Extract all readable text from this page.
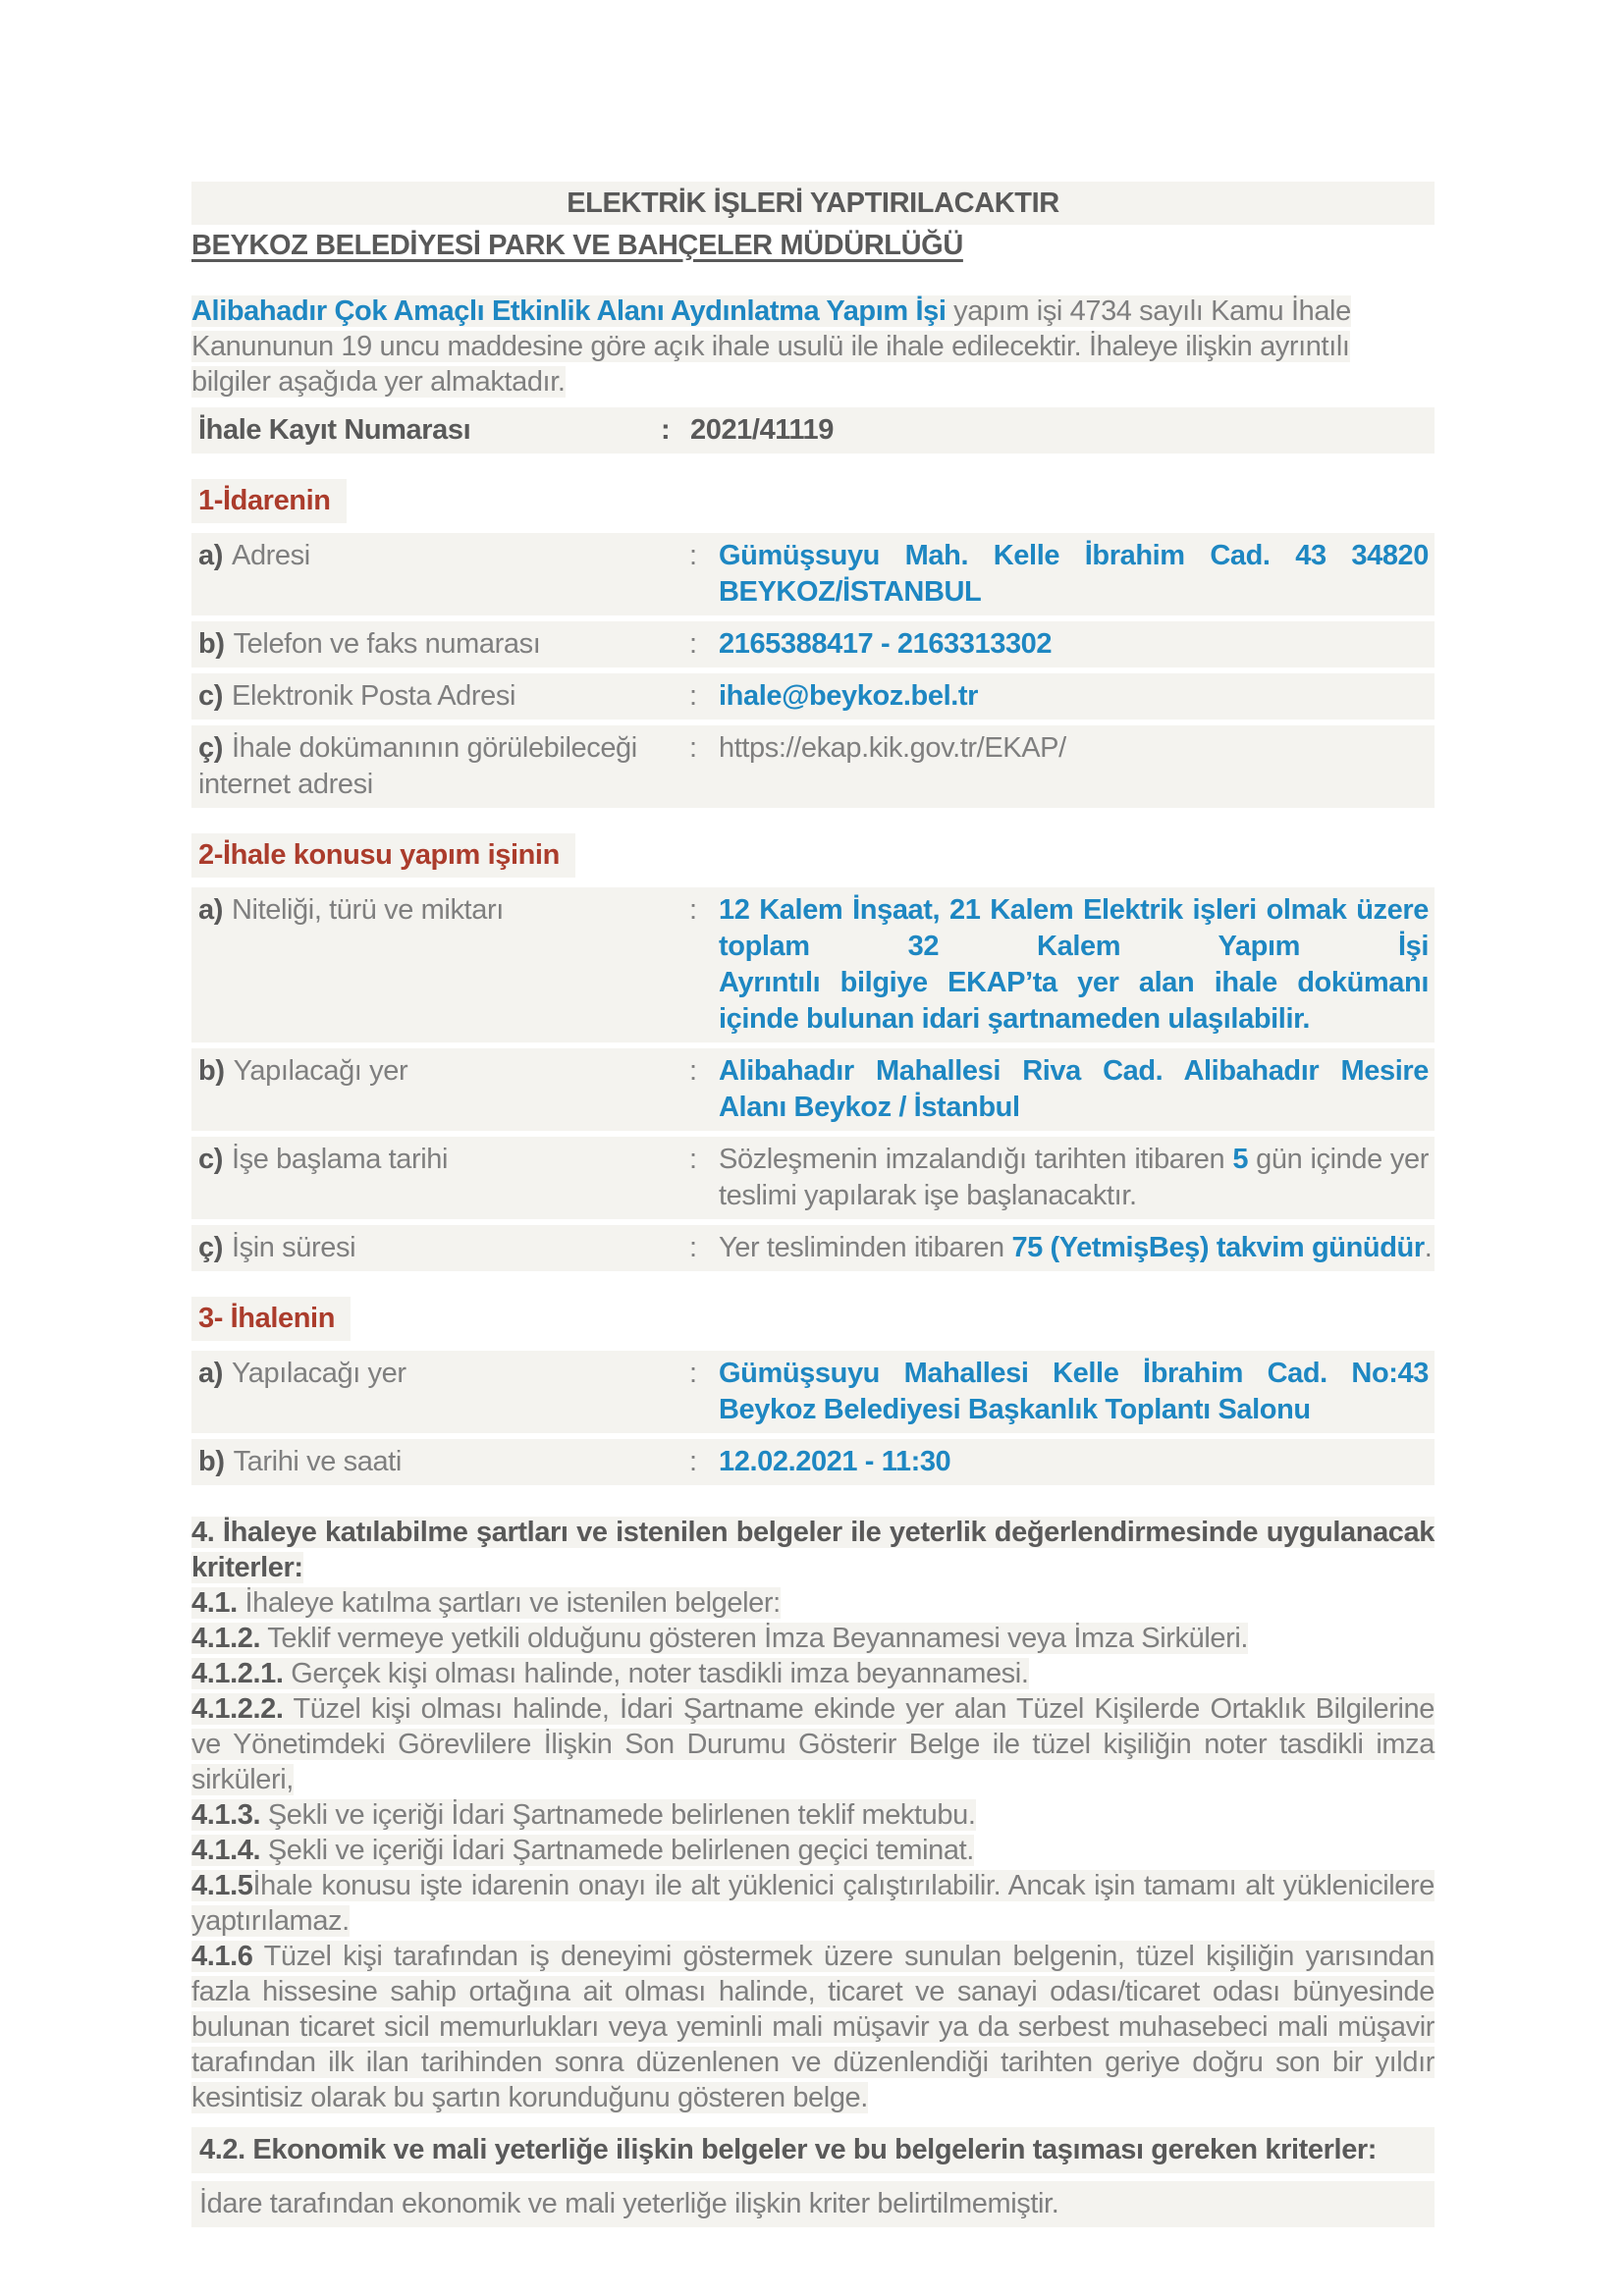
ELEKTRİK İŞLERİ YAPTIRILACAKTIR
BEYKOZ BELEDİYESİ PARK VE BAHÇELER MÜDÜRLÜĞÜ
Alibahadır Çok Amaçlı Etkinlik Alanı Aydınlatma Yapım İşi yapım işi 4734 sayılı Kamu İhale Kanununun 19 uncu maddesine göre açık ihale usulü ile ihale edilecektir. İhaleye ilişkin ayrıntılı bilgiler aşağıda yer almaktadır.
İhale Kayıt Numarası	: 2021/41119
1-İdarenin
a) Adresi	: Gümüşsuyu Mah. Kelle İbrahim Cad. 43 34820 BEYKOZ/İSTANBUL
b) Telefon ve faks numarası	: 2165388417 - 2163313302
c) Elektronik Posta Adresi	: ihale@beykoz.bel.tr
ç) İhale dokümanının görülebileceği internet adresi
: https://ekap.kik.gov.tr/EKAP/
2-İhale konusu yapım işinin
a) Niteliği, türü ve miktarı	: 12 Kalem İnşaat, 21 Kalem Elektrik işleri olmak üzere toplam 32 Kalem Yapım İşi
Ayrıntılı bilgiye EKAP’ta yer alan ihale dokümanı içinde bulunan idari şartnameden ulaşılabilir.
b) Yapılacağı yer	: Alibahadır Mahallesi Riva Cad. Alibahadır Mesire Alanı Beykoz / İstanbul
c) İşe başlama tarihi	: Sözleşmenin imzalandığı tarihten itibaren 5 gün içinde yer teslimi yapılarak işe başlanacaktır.
ç) İşin süresi	: Yer tesliminden itibaren 75 (YetmişBeş) takvim günüdür.
3- İhalenin
a) Yapılacağı yer	: Gümüşsuyu Mahallesi Kelle İbrahim Cad. No:43 Beykoz Belediyesi Başkanlık Toplantı Salonu
b) Tarihi ve saati	: 12.02.2021 - 11:30

4. İhaleye katılabilme şartları ve istenilen belgeler ile yeterlik değerlendirmesinde uygulanacak kriterler:

4.1. İhaleye katılma şartları ve istenilen belgeler:

4.1.2. Teklif vermeye yetkili olduğunu gösteren İmza Beyannamesi veya İmza Sirküleri.

4.1.2.1. Gerçek kişi olması halinde, noter tasdikli imza beyannamesi.

4.1.2.2. Tüzel kişi olması halinde, İdari Şartname ekinde yer alan Tüzel Kişilerde Ortaklık Bilgilerine ve Yönetimdeki Görevlilere İlişkin Son Durumu Gösterir Belge ile tüzel kişiliğin noter tasdikli imza sirküleri,

4.1.3. Şekli ve içeriği İdari Şartnamede belirlenen teklif mektubu.

4.1.4. Şekli ve içeriği İdari Şartnamede belirlenen geçici teminat.

4.1.5İhale konusu işte idarenin onayı ile alt yüklenici çalıştırılabilir. Ancak işin tamamı alt yüklenicilere yaptırılamaz.

4.1.6 Tüzel kişi tarafından iş deneyimi göstermek üzere sunulan belgenin, tüzel kişiliğin yarısından fazla hissesine sahip ortağına ait olması halinde, ticaret ve sanayi odası/ticaret odası bünyesinde bulunan ticaret sicil memurlukları veya yeminli mali müşavir ya da serbest muhasebeci mali müşavir tarafından ilk ilan tarihinden sonra düzenlenen ve düzenlendiği tarihten geriye doğru son bir yıldır kesintisiz olarak bu şartın korunduğunu gösteren belge.

4.2. Ekonomik ve mali yeterliğe ilişkin belgeler ve bu belgelerin taşıması gereken kriterler:
İdare tarafından ekonomik ve mali yeterliğe ilişkin kriter belirtilmemiştir.
